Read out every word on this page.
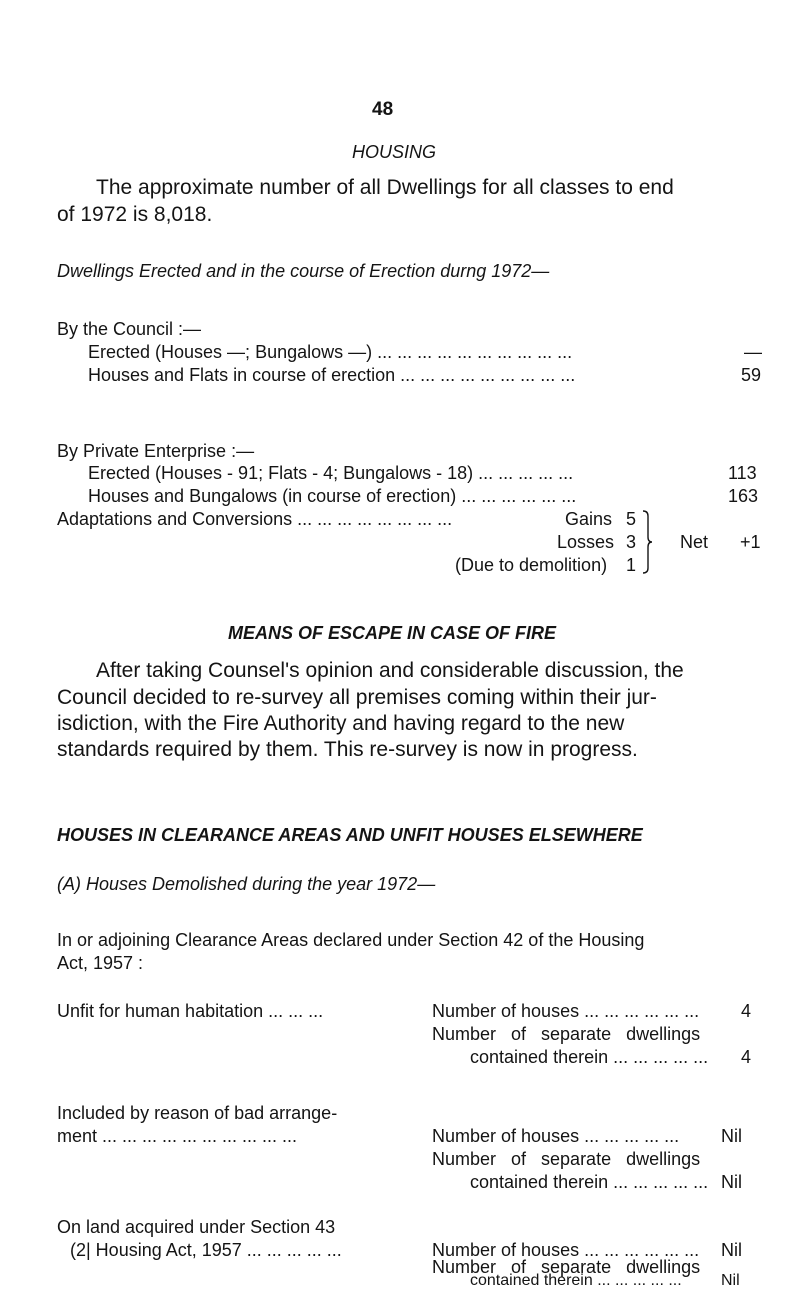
48
HOUSING
The approximate number of all Dwellings for all classes to end
of 1972 is 8,018.
Dwellings Erected and in the course of Erection durng 1972—
By the Council :—
Erected (Houses —; Bungalows —) ... ... ... ... ... ... ... ... ... ...	—
Houses and Flats in course of erection ... ... ... ... ... ... ... ... ...	59
By Private Enterprise :—
Erected (Houses - 91; Flats - 4; Bungalows - 18) ... ... ... ... ...	113
Houses and Bungalows (in course of erection) ... ... ... ... ... ...	163
Adaptations and Conversions ... ... ... ... ... ... ... ...	Gains 5
Losses 3
(Due to demolition) 1
Net +1
MEANS OF ESCAPE IN CASE OF FIRE
After taking Counsel's opinion and considerable discussion, the
Council decided to re-survey all premises coming within their jur-
isdiction, with the Fire Authority and having regard to the new
standards required by them. This re-survey is now in progress.
HOUSES IN CLEARANCE AREAS AND UNFIT HOUSES ELSEWHERE
(A) Houses Demolished during the year 1972—
In or adjoining Clearance Areas declared under Section 42 of the Housing
Act, 1957 :
Unfit for human habitation ... ... ...	Number of houses ... ... ... ... ... ... 4
Number of separate dwellings
contained therein ... ... ... ... ... 4
Included by reason of bad arrange-
ment ... ... ... ... ... ... ... ... ... ...	Number of houses ... ... ... ... ... Nil
Number of separate dwellings
contained therein ... ... ... ... ... Nil
On land acquired under Section 43
(2| Housing Act, 1957 ... ... ... ... ...	Number of houses ... ... ... ... ... ... Nil
Number of separate dwellings
contained therein ... ... ... ... ... Nil
